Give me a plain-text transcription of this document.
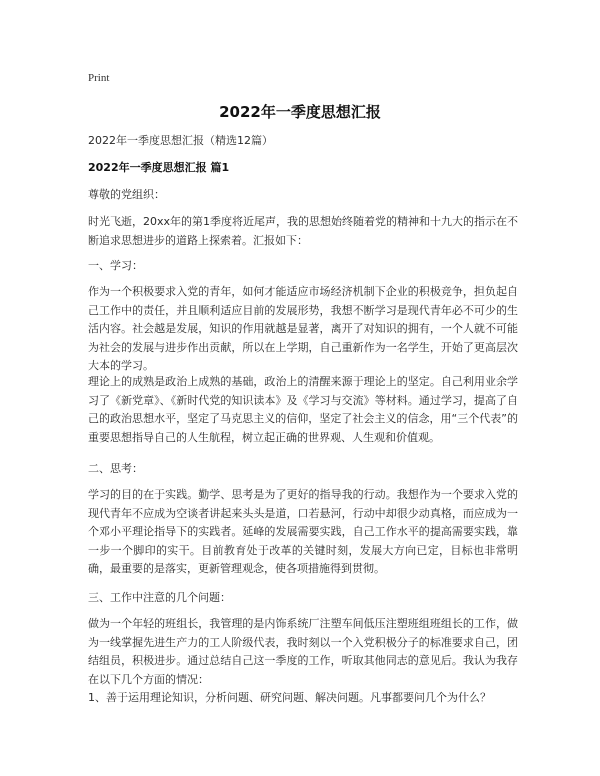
Print
2022年一季度思想汇报

2022年一季度思想汇报（精选12篇）

2022年一季度思想汇报 篇1

尊敬的党组织：

时光飞逝，20xx年的第1季度将近尾声，我的思想始终随着党的精神和十九大的指示在不断追求思想进步的道路上探索着。汇报如下：

一、学习：

作为一个积极要求入党的青年，如何才能适应市场经济机制下企业的积极竞争，担负起自己工作中的责任，并且顺利适应目前的发展形势，我想不断学习是现代青年必不可少的生活内容。社会越是发展，知识的作用就越是显著，离开了对知识的拥有，一个人就不可能为社会的发展与进步作出贡献，所以在上学期，自己重新作为一名学生，开始了更高层次大本的学习。

理论上的成熟是政治上成熟的基础，政治上的清醒来源于理论上的坚定。自己利用业余学习了《新党章》、《新时代党的知识读本》及《学习与交流》等材料。通过学习，提高了自己的政治思想水平，坚定了马克思主义的信仰，坚定了社会主义的信念，用“三个代表”的重要思想指导自己的人生航程，树立起正确的世界观、人生观和价值观。

二、思考：

学习的目的在于实践。勤学、思考是为了更好的指导我的行动。我想作为一个要求入党的现代青年不应成为空谈者讲起来头头是道，口若悬河，行动中却很少动真格，而应成为一个邓小平理论指导下的实践者。延峰的发展需要实践，自己工作水平的提高需要实践，靠一步一个脚印的实干。目前教育处于改革的关键时刻，发展大方向已定，目标也非常明确，最重要的是落实，更新管理观念，使各项措施得到贯彻。

三、工作中注意的几个问题：

做为一个年轻的班组长，我管理的是内饰系统厂注塑车间低压注塑班组班组长的工作，做为一线掌握先进生产力的工人阶级代表，我时刻以一个入党积极分子的标准要求自己，团结组员，积极进步。通过总结自己这一季度的工作，听取其他同志的意见后。我认为我存在以下几个方面的情况：

1、善于运用理论知识，分析问题、研究问题、解决问题。凡事都要问几个为什么？
